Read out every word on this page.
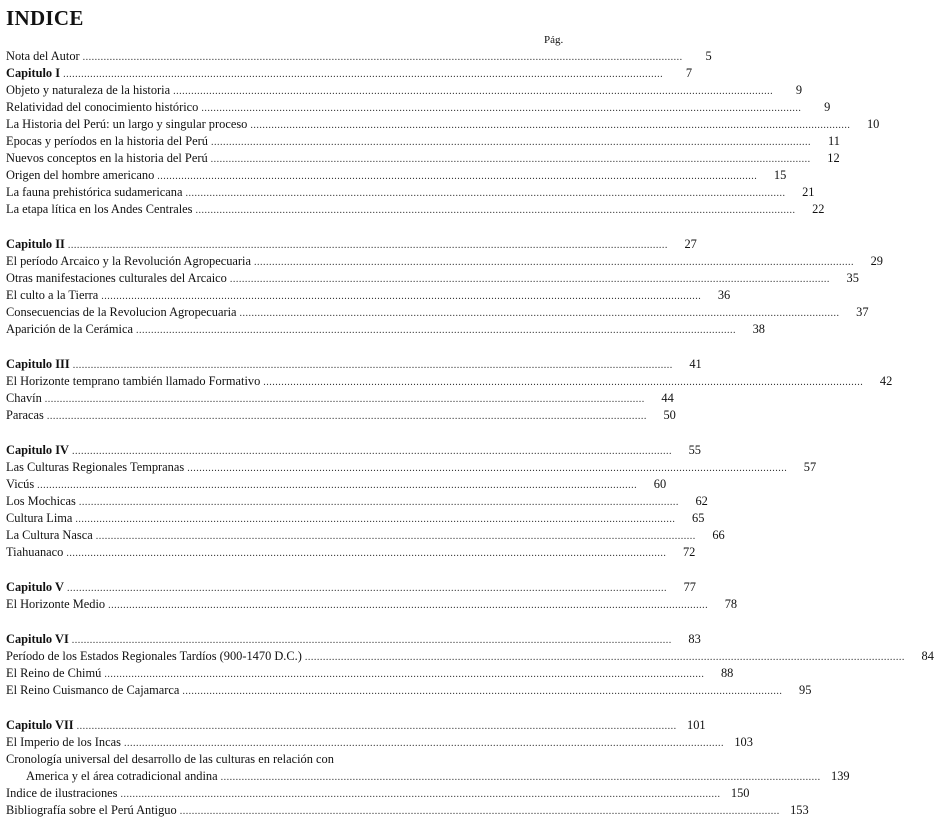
INDICE
Pág.
Nota del Autor ........................................................................................................................................................................................................	5
Capitulo I ........................................................................................................................................................................................................	7
Objeto y naturaleza de la historia ........................................................................................................................................................................................................	9
Relatividad del conocimiento histórico ........................................................................................................................................................................................................	9
La Historia del Perú: un largo y singular proceso ........................................................................................................................................................................................................	10
Epocas y períodos en la historia del Perú ........................................................................................................................................................................................................	11
Nuevos conceptos en la historia del Perú ........................................................................................................................................................................................................	12
Origen del hombre americano ........................................................................................................................................................................................................	15
La fauna prehistórica sudamericana ........................................................................................................................................................................................................	21
La etapa lítica en los Andes Centrales ........................................................................................................................................................................................................	22
Capitulo II ........................................................................................................................................................................................................	27
El período Arcaico y la Revolución Agropecuaria ........................................................................................................................................................................................................	29
Otras manifestaciones culturales del Arcaico ........................................................................................................................................................................................................	35
El culto a la Tierra ........................................................................................................................................................................................................	36
Consecuencias de la Revolucion Agropecuaria ........................................................................................................................................................................................................	37
Aparición de la Cerámica ........................................................................................................................................................................................................	38
Capitulo III ........................................................................................................................................................................................................	41
El Horizonte temprano también llamado Formativo ........................................................................................................................................................................................................	42
Chavín ........................................................................................................................................................................................................	44
Paracas ........................................................................................................................................................................................................	50
Capitulo IV ........................................................................................................................................................................................................	55
Las Culturas Regionales Tempranas ........................................................................................................................................................................................................	57
Vicús ........................................................................................................................................................................................................	60
Los Mochicas ........................................................................................................................................................................................................	62
Cultura Lima ........................................................................................................................................................................................................	65
La Cultura Nasca ........................................................................................................................................................................................................	66
Tiahuanaco ........................................................................................................................................................................................................	72
Capitulo V ........................................................................................................................................................................................................	77
El Horizonte Medio ........................................................................................................................................................................................................	78
Capitulo VI ........................................................................................................................................................................................................	83
Período de los Estados Regionales Tardíos (900-1470 D.C.) ........................................................................................................................................................................................................	84
El Reino de Chimú ........................................................................................................................................................................................................	88
El Reino Cuismanco de Cajamarca ........................................................................................................................................................................................................	95
Capitulo VII ........................................................................................................................................................................................................ 101
El Imperio de los Incas ........................................................................................................................................................................................................ 103
Cronología universal del desarrollo de las culturas en relación con
America y el área cotradicional andina ........................................................................................................................................................................................................ 139
Indice de ilustraciones ........................................................................................................................................................................................................ 150
Bibliografía sobre el Perú Antiguo ........................................................................................................................................................................................................ 153
